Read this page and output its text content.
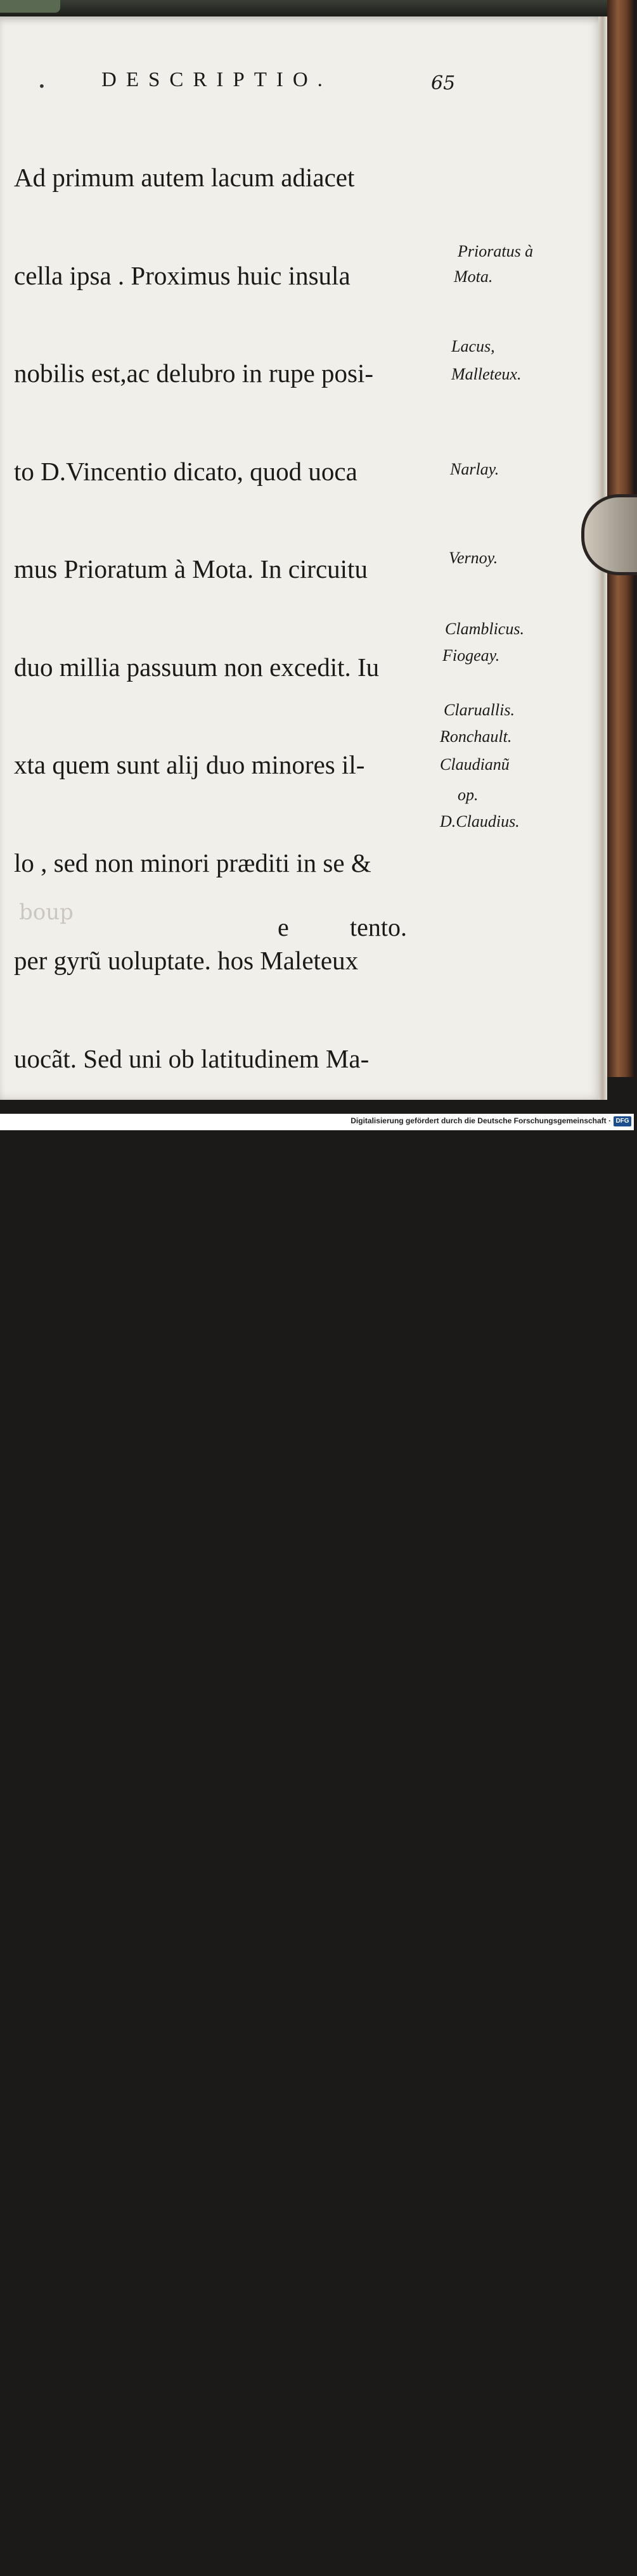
•	DESCRIPTIO.	65

Ad primum autem lacum adiacet

cella ipsa . Proximus huic insula

nobilis est,ac delubro in rupe posi-

to D.Vincentio dicato, quod uoca

mus Prioratum à Mota. In circuitu

duo millia passuum non excedit. Iu

xta quem sunt alij duo minores il-

lo , sed non minori præditi in se &

per gyrũ uoluptate. hos Maleteux

uocãt. Sed uni ob latitudinem Ma-

ioris cognomen est inditum. Sequi

tur alius Narlay dictus, uix creden-

dæ profunditatis: cuius aqua est ni-

tida, pisces ferens uarios. Hinc non

procul est alius , Vernoy nobis di-

ctus. Sed occidentẽ uersus sunt alij

quinq;, quorum duo Chamblici di

cũtur: tertius Fiogeay: quartus pro

ximus est Claruallis oppido : quin-

tus Ronchault dicitur. A' Gran-

ualle trium horarũ itinere itur Clau

dianum, à D. Claudio Salinẽsium

progenie orto , atq; Bisontino Ar-

chiepiscopo denominatum, qui eo

loci solitariam duxit uitam , in por-

boup
e tento.
Prioratus à
Mota.
Lacus,
Malleteux.
Narlay.
Vernoy.
Clamblicus.
Fiogeay.
Claruallis.
Ronchault.
Claudianũ
op.
D.Claudius.
Digitalisierung gefördert durch die Deutsche Forschungsgemeinschaft · DFG
